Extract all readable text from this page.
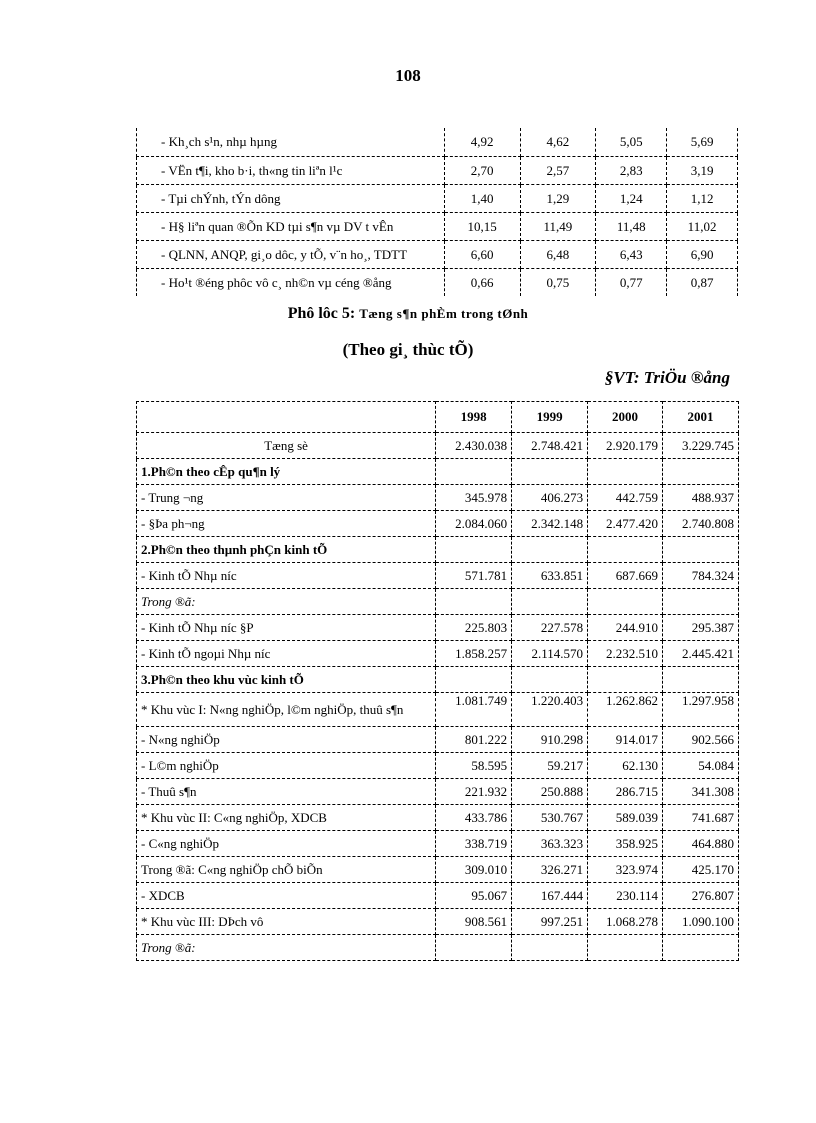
108
- Kh¸ch s¹n, nhµ hµng	4,92	4,62	5,05	5,69
- VËn t¶i, kho b·i, th«ng tin liªn l¹c	2,70	2,57	2,83	3,19
- Tµi chÝnh, tÝn dông	1,40	1,29	1,24	1,12
- H§ liªn quan ®Õn KD tµi s¶n vµ DV t vÊn	10,15	11,49	11,48	11,02
- QLNN, ANQP, gi¸o dôc, y tÕ, v¨n ho¸, TDTT	6,60	6,48	6,43	6,90
- Ho¹t ®éng phôc vô c¸ nh©n vµ céng ®ång	0,66	0,75	0,77	0,87
Phô lôc 5: Tæng s¶n phÈm trong tØnh
(Theo gi¸ thùc tÕ)
§VT: TriÖu ®ång
	1998	1999	2000	2001
Tæng sè	2.430.038	2.748.421	2.920.179	3.229.745
1.Ph©n theo cÊp qu¶n lý				
- Trung ¬ng	345.978	406.273	442.759	488.937
- §Þa ph¬ng	2.084.060	2.342.148	2.477.420	2.740.808
2.Ph©n theo thµnh phÇn kinh tÕ				
- Kinh tÕ Nhµ níc	571.781	633.851	687.669	784.324
Trong ®ã:				
- Kinh tÕ Nhµ níc §P	225.803	227.578	244.910	295.387
- Kinh tÕ ngoµi Nhµ níc	1.858.257	2.114.570	2.232.510	2.445.421
3.Ph©n theo khu vùc kinh tÕ				
* Khu vùc I: N«ng nghiÖp, l©m nghiÖp, thuû s¶n	1.081.749	1.220.403	1.262.862	1.297.958
- N«ng nghiÖp	801.222	910.298	914.017	902.566
- L©m nghiÖp	58.595	59.217	62.130	54.084
- Thuû s¶n	221.932	250.888	286.715	341.308
* Khu vùc II: C«ng nghiÖp, XDCB	433.786	530.767	589.039	741.687
- C«ng nghiÖp	338.719	363.323	358.925	464.880
Trong ®ã: C«ng nghiÖp chÕ biÕn	309.010	326.271	323.974	425.170
- XDCB	95.067	167.444	230.114	276.807
* Khu vùc III: DÞch vô	908.561	997.251	1.068.278	1.090.100
Trong ®ã:				
